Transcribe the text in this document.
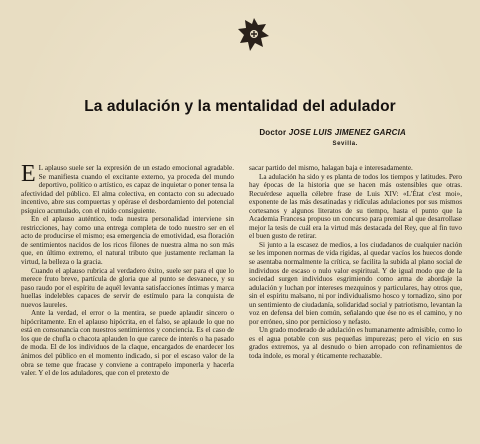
La adulación y la mentalidad del adulador
Doctor JOSE LUIS JIMENEZ GARCIA
Sevilla.

E L aplauso suele ser la expresión de un estado emocional agradable. Se manifiesta cuando el excitante externo, ya proceda del mundo deportivo, político o artístico, es capaz de inquietar o poner tensa la afectividad del público. El alma colectiva, en contacto con su adecuado incentivo, abre sus compuertas y opérase el desbordamiento del potencial psíquico acumulado, con el ruido consiguiente.

En el aplauso auténtico, toda nuestra personalidad interviene sin restricciones, hay como una entrega completa de todo nuestro ser en el acto de producirse el mismo; esa emergencia de emotividad, esa floración de sentimientos nacidos de los ricos filones de nuestra alma no son más que, en último extremo, el natural tributo que justamente reclaman la virtud, la belleza o la gracia.

Cuando el aplauso rubrica al verdadero éxito, suele ser para el que lo merece fruto breve, partícula de gloria que al punto se desvanece, y su paso raudo por el espíritu de aquél levanta satisfacciones íntimas y marca huellas indelebles capaces de servir de estímulo para la conquista de nuevos laureles.

Ante la verdad, el error o la mentira, se puede aplaudir sincero o hipócritamente. En el aplauso hipócrita, en el falso, se aplaude lo que no está en consonancia con nuestros sentimientos y conciencia. Es el caso de los que de chufla o chacota aplauden lo que carece de interés o ha pasado de moda. El de los individuos de la claque, encargados de enardecer los ánimos del público en el momento indicado, si por el escaso valor de la obra se teme que fracase y conviene a contrapelo imponerla y hacerla valer. Y el de los aduladores, que con el pretexto de

sacar partido del mismo, halagan baja e interesadamente.

La adulación ha sido y es planta de todos los tiempos y latitudes. Pero hay épocas de la historia que se hacen más ostensibles que otras. Recuérdese aquella célebre frase de Luis XIV: «L'État c'est moi», exponente de las más desatinadas y ridículas adulaciones por sus mismos cortesanos y algunos literatos de su tiempo, hasta el punto que la Academia Francesa propuso un concurso para premiar al que desarrollase mejor la tesis de cuál era la virtud más destacada del Rey, que al fin tuvo el buen gusto de retirar.

Si junto a la escasez de medios, a los ciudadanos de cualquier nación se les imponen normas de vida rígidas, al quedar vacíos los huecos donde se asentaba normalmente la crítica, se facilita la subida al plano social de individuos de escaso o nulo valor espiritual. Y de igual modo que de la sociedad surgen individuos esgrimiendo como arma de abordaje la adulación y luchan por intereses mezquinos y particulares, hay otros que, sin el espíritu malsano, ni por individualismo hosco y tornadizo, sino por un sentimiento de ciudadanía, solidaridad social y patriotismo, levantan la voz en defensa del bien común, señalando que ése no es el camino, y no por erróneo, sino por pernicioso y nefasto.

Un grado moderado de adulación es humanamente admisible, como lo es el agua potable con sus pequeñas impurezas; pero el vicio en sus grados extremos, ya al desnudo o bien arropado con refinamientos de toda índole, es moral y éticamente rechazable.
